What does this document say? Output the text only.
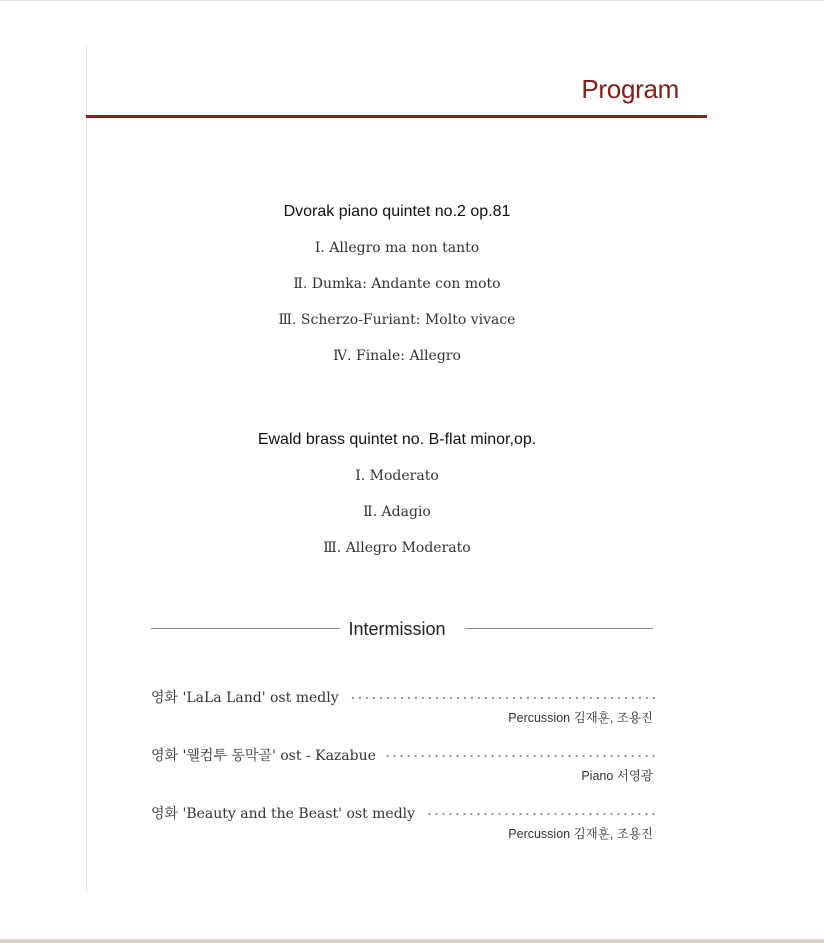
Program
Dvorak piano quintet no.2 op.81
Ⅰ. Allegro ma non tanto
Ⅱ. Dumka: Andante con moto
Ⅲ. Scherzo-Furiant: Molto vivace
Ⅳ. Finale: Allegro
Ewald brass quintet no. B-flat minor,op.
Ⅰ. Moderato
Ⅱ. Adagio
Ⅲ. Allegro Moderato
Intermission
영화 'LaLa Land' ost medly
Percussion 김재훈, 조용진
영화 '웰컴투 동막골' ost - Kazabue
Piano 서영광
영화 'Beauty and the Beast' ost medly
Percussion 김재훈, 조용진
